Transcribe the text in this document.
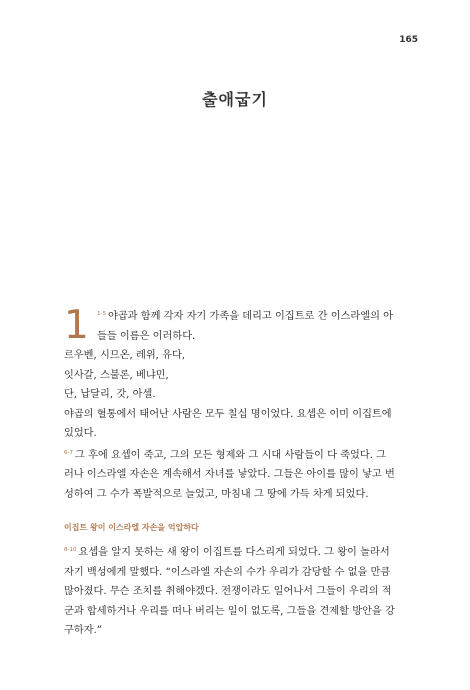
165
출애굽기
1	$^{1-5}$ 야곱과 함께 각자 자기 가족을 데리고 이집트로 간 이스라엘의 아
들들 이름은 이러하다.
르우벤, 시므온, 레위, 유다,
잇사갈, 스불론, 베냐민,
단, 납달리, 갓, 아셀.
야곱의 혈통에서 태어난 사람은 모두 칠십 명이었다. 요셉은 이미 이집트에
있었다.
$^{6-7}$ 그 후에 요셉이 죽고, 그의 모든 형제와 그 시대 사람들이 다 죽었다. 그
러나 이스라엘 자손은 계속해서 자녀를 낳았다. 그들은 아이를 많이 낳고 번
성하여 그 수가 폭발적으로 늘었고, 마침내 그 땅에 가득 차게 되었다.
이집트 왕이 이스라엘 자손을 억압하다
$^{8-10}$ 요셉을 알지 못하는 새 왕이 이집트를 다스리게 되었다. 그 왕이 놀라서
자기 백성에게 말했다. “이스라엘 자손의 수가 우리가 감당할 수 없을 만큼
많아졌다. 무슨 조치를 취해야겠다. 전쟁이라도 일어나서 그들이 우리의 적
군과 합세하거나 우리를 떠나 버리는 일이 없도록, 그들을 견제할 방안을 강
구하자.”
